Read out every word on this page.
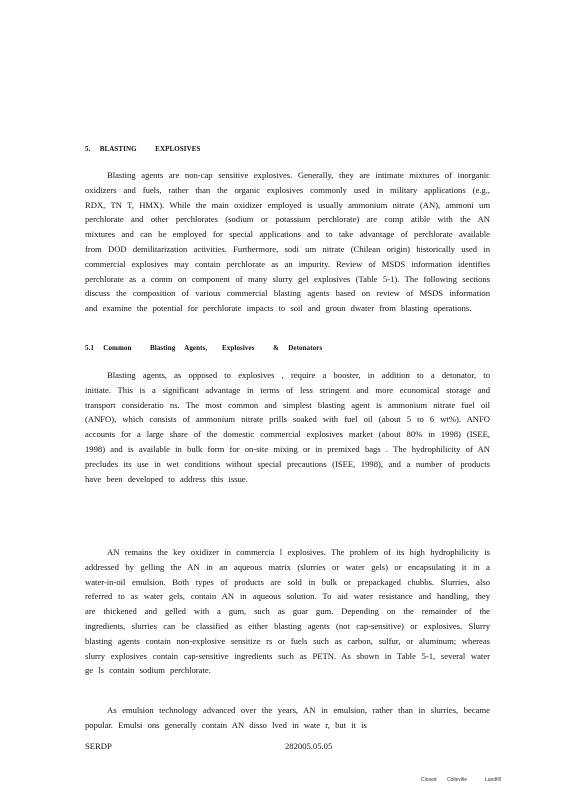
5.     BLASTING          EXPLOSIVES
Blasting agents are non-cap sensitive explosives. Generally, they are intimate mixtures of inorganic oxidizers and fuels, rather than the organic explosives commonly used in military applications (e.g., RDX, TN T, HMX). While the main oxidizer employed is usually ammonium nitrate (AN), ammoni um perchlorate and other perchlorates (sodium or potassium perchlorate) are comp atible with the AN mixtures and can be employed for special applications and to take advantage of perchlorate available from DOD demilitarization activities. Furthermore, sodi um nitrate (Chilean origin) historically used in commercial explosives may contain perchlorate as an impurity. Review of MSDS information identifies perchlorate as a comm on component of many slurry gel explosives (Table 5-1). The following sections discuss the composition of various commercial blasting agents based on review of MSDS information and examine the potential for perchlorate impacts to soil and groun dwater from blasting operations.
5.1     Common          Blasting     Agents,        Explosives          &     Detonators
Blasting agents, as opposed to explosives , require a booster, in addition to a detonator, to initiate. This is a significant advantage in terms of less stringent and more economical storage and transport consideratio ns. The most common and simplest blasting agent is ammonium nitrate fuel oil (ANFO), which consists of ammonium nitrate prills soaked with fuel oil (about 5 to 6 wt%). ANFO accounts for a large share of the domestic commercial explosives market (about 80% in 1998) (ISEE, 1998) and is available in bulk form for on-site mixing or in premixed bags . The hydrophilicity of AN precludes its use in wet conditions without special precautions (ISEE, 1998), and a number of products have been developed to address this issue.
AN remains the key oxidizer in commercia l explosives. The problem of its high hydrophilicity is addressed by gelling the AN in an aqueous matrix (slurries or water gels) or encapsulating it in a water-in-oil emulsion. Both types of products are sold in bulk or prepackaged chubbs. Slurries, also referred to as water gels, contain AN in aqueous solution. To aid water resistance and handling, they are thickened and gelled with a gum, such as guar gum. Depending on the remainder of the ingredients, slurries can be classified as either blasting agents (not cap-sensitive) or explosives. Slurry blasting agents contain non-explosive sensitize rs or fuels such as carbon, sulfur, or aluminum; whereas slurry explosives contain cap-sensitive ingredients such as PETN. As shown in Table 5-1, several water ge ls contain sodium perchlorate.
As emulsion technology advanced over the years, AN in emulsion, rather than in slurries, became popular. Emulsi ons generally contain AN disso lved in wate r, but it is
SERDP	282005.05.05
Closed Colleville	Landfill
